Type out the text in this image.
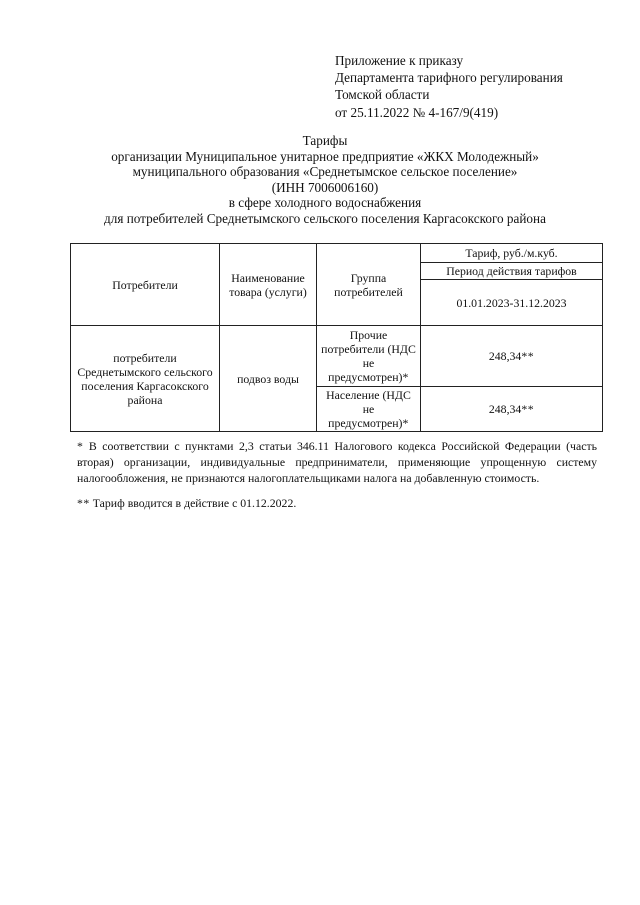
Приложение к приказу
Департамента тарифного регулирования
Томской области
от 25.11.2022 № 4-167/9(419)
Тарифы
организации Муниципальное унитарное предприятие «ЖКХ Молодежный»
муниципального образования «Среднетымское сельское поселение»
(ИНН 7006006160)
в сфере холодного водоснабжения
для потребителей Среднетымского сельского поселения Каргасокского района
Потребители	Наименование товара (услуги)	Группа потребителей	Тариф, руб./м.куб.
			Период действия тарифов
			01.01.2023-31.12.2023
потребители Среднетымского сельского поселения Каргасокского района	подвоз воды	Прочие потребители (НДС не предусмотрен)*	248,34**
		Население (НДС не предусмотрен)*	248,34**
* В соответствии с пунктами 2,3 статьи 346.11 Налогового кодекса Российской Федерации (часть вторая) организации, индивидуальные предприниматели, применяющие упрощенную систему налогообложения, не признаются налогоплательщиками налога на добавленную стоимость.
** Тариф вводится в действие с 01.12.2022.
